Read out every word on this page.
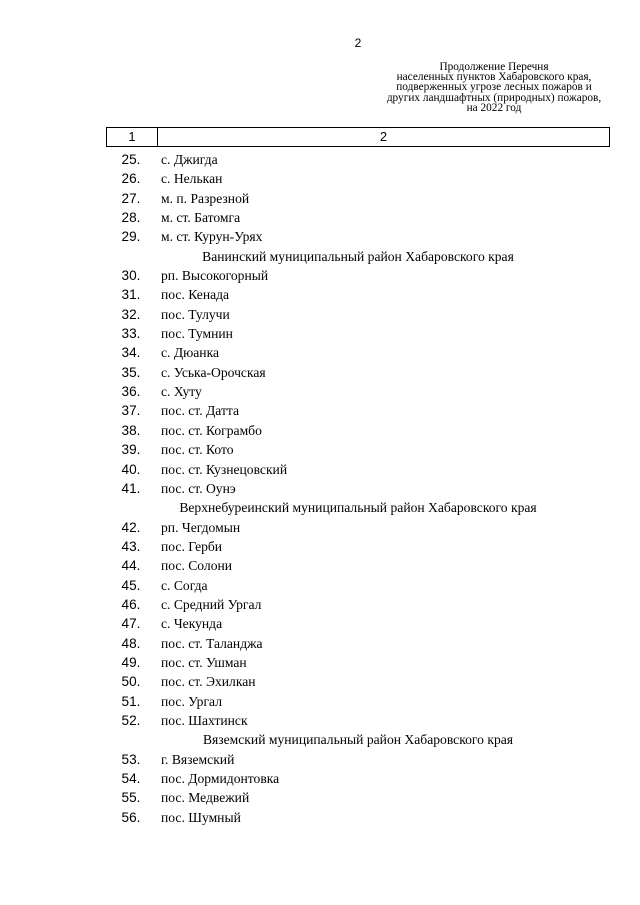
2
Продолжение Перечня
населенных пунктов Хабаровского края,
подверженных угрозе лесных пожаров и
других ландшафтных (природных) пожаров,
на 2022 год
1	2
25.	с. Джигда
26.	с. Нелькан
27.	м. п. Разрезной
28.	м. ст. Батомга
29.	м. ст. Курун-Урях
Ванинский муниципальный район Хабаровского края
30.	рп. Высокогорный
31.	пос. Кенада
32.	пос. Тулучи
33.	пос. Тумнин
34.	с. Дюанка
35.	с. Уська-Орочская
36.	с. Хуту
37.	пос. ст. Датта
38.	пос. ст. Кограмбо
39.	пос. ст. Кото
40.	пос. ст. Кузнецовский
41.	пос. ст. Оунэ
Верхнебуреинский муниципальный район Хабаровского края
42.	рп. Чегдомын
43.	пос. Герби
44.	пос. Солони
45.	с. Согда
46.	с. Средний Ургал
47.	с. Чекунда
48.	пос. ст. Таланджа
49.	пос. ст. Ушман
50.	пос. ст. Эхилкан
51.	пос. Ургал
52.	пос. Шахтинск
Вяземский муниципальный район Хабаровского края
53.	г. Вяземский
54.	пос. Дормидонтовка
55.	пос. Медвежий
56.	пос. Шумный
